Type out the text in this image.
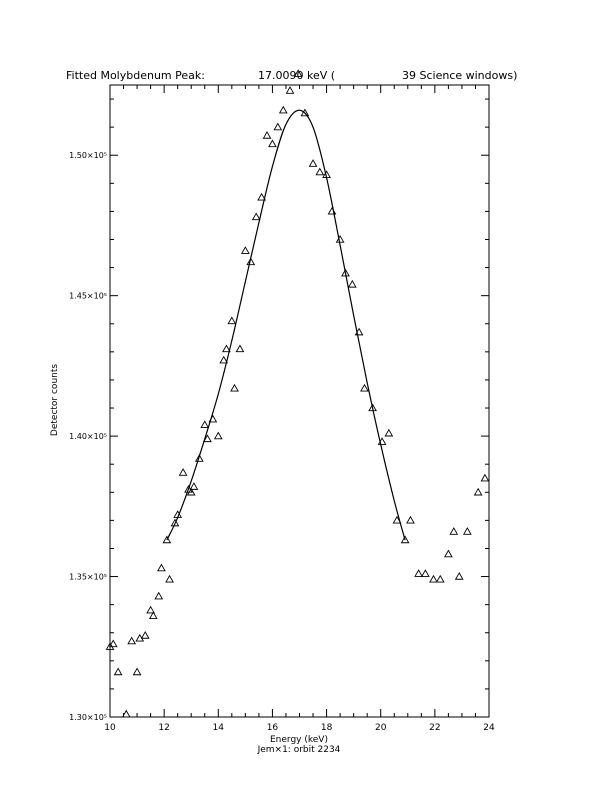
Fitted Molybdenum Peak:	17.0090 keV (	39 Science windows)
10	12	14	16	18	20	22	24
1.30×10⁵
1.35×10⁵
1.40×10⁵
1.45×10⁵
1.50×10⁵
Energy (keV)
Jem×1: orbit 2234
Detector counts
